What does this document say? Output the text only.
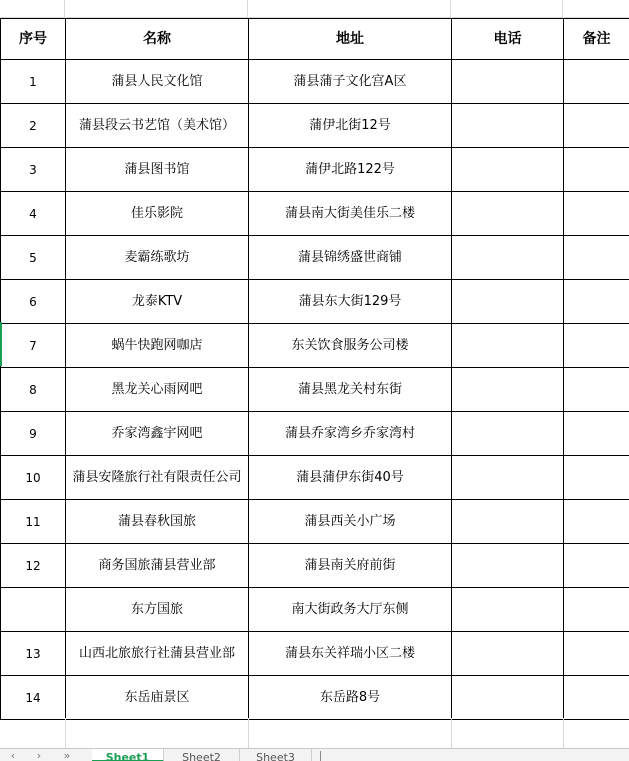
序号	名称	地址	电话	备注
1	蒲县人民文化馆	蒲县蒲子文化宫A区		
2	蒲县段云书艺馆（美术馆）	蒲伊北街12号		
3	蒲县图书馆	蒲伊北路122号		
4	佳乐影院	蒲县南大街美佳乐二楼		
5	麦霸练歌坊	蒲县锦绣盛世商铺		
6	龙泰KTV	蒲县东大街129号		
7	蜗牛快跑网咖店	东关饮食服务公司楼		
8	黑龙关心雨网吧	蒲县黑龙关村东街		
9	乔家湾鑫宇网吧	蒲县乔家湾乡乔家湾村		
10	蒲县安隆旅行社有限责任公司	蒲县蒲伊东街40号		
11	蒲县春秋国旅	蒲县西关小广场		
12	商务国旅蒲县营业部	蒲县南关府前街		
	东方国旅	南大街政务大厅东侧		
13	山西北旅旅行社蒲县营业部	蒲县东关祥瑞小区二楼		
14	东岳庙景区	东岳路8号		
‹	›	»	Sheet1	Sheet2	Sheet3
